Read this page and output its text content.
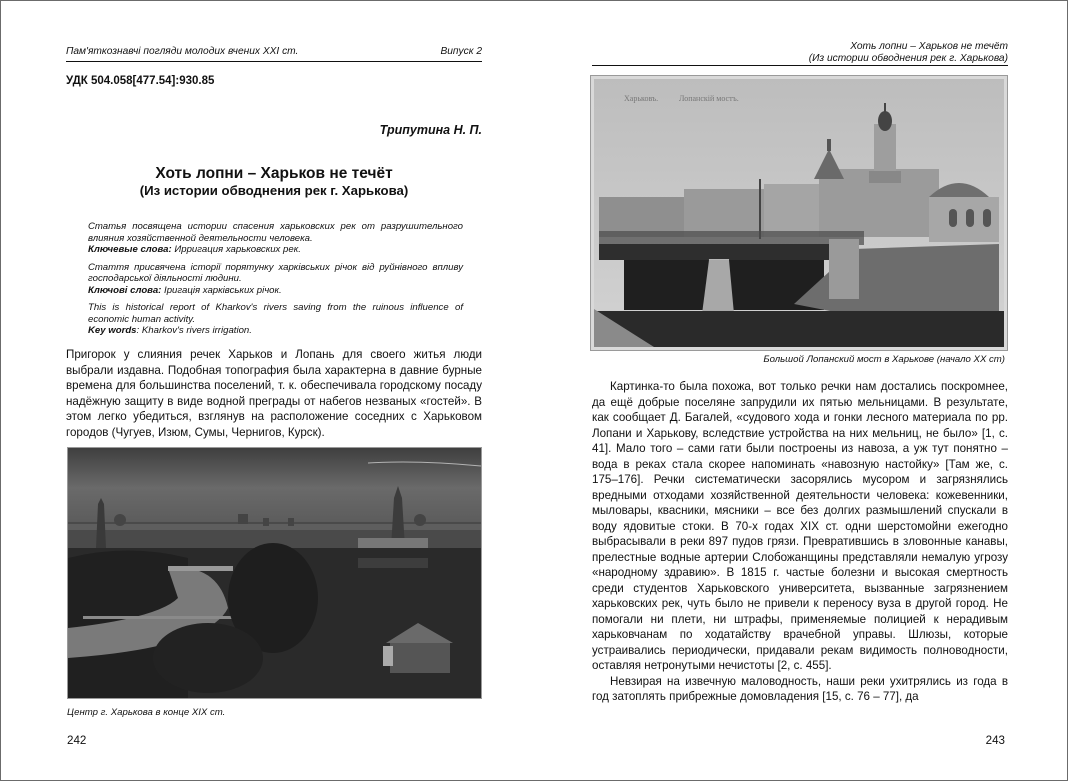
Пам'яткознавчі погляди молодих вчених XXI ст.	Випуск 2
УДК 504.058[477.54]:930.85
Трипутина Н. П.
Хоть лопни – Харьков не течёт
(Из истории обводнения рек г. Харькова)

Статья посвящена истории спасения харьковских рек от разрушительного влияния хозяйственной деятельности человека.

Ключевые слова: Ирригация харьковских рек.

Стаття присвячена історії порятунку харківських річок від руйнівного впливу господарської діяльності людини.

Ключові слова: Іригація харківських річок.

This is historical report of Kharkov's rivers saving from the ruinous influence of economic human activity.

Key words: Kharkov's rivers irrigation.

Пригорок у слияния речек Харьков и Лопань для своего житья люди выбрали издавна. Подобная топография была характерна в давние бурные времена для большинства поселений, т. к. обеспечивала городскому посаду надёжную защиту в виде водной преграды от набегов незваных «гостей». В этом легко убедиться, взглянув на расположение соседних с Харьковом городов (Чугуев, Изюм, Сумы, Чернигов, Курск).

Центр г. Харькова в конце XIX ст.
242
Хоть лопни – Харьков не течёт
(Из истории обводнения рек г. Харькова)
Харьковъ.	Лопанскій мостъ.
Большой Лопанский мост в Харькове (начало XX ст)

Картинка-то была похожа, вот только речки нам достались поскромнее, да ещё добрые поселяне запрудили их пятью мельницами. В результате, как сообщает Д. Багалей, «судового хода и гонки лесного материала по рр. Лопани и Харькову, вследствие устройства на них мельниц, не было» [1, с. 41]. Мало того – сами гати были построены из навоза, а уж тут понятно – вода в реках стала скорее напоминать «навозную настойку» [Там же, с. 175–176]. Речки систематически засорялись мусором и загрязнялись вредными отходами хозяйственной деятельности человека: кожевенники, мыловары, квасники, мясники – все без долгих размышлений спускали в воду ядовитые стоки. В 70-х годах XIX ст. одни шерстомойни ежегодно выбрасывали в реки 897 пудов грязи. Превратившись в зловонные канавы, прелестные водные артерии Слобожанщины представляли немалую угрозу «народному здравию». В 1815 г. частые болезни и высокая смертность среди студентов Харьковского университета, вызванные загрязнением харьковских рек, чуть было не привели к переносу вуза в другой город. Не помогали ни плети, ни штрафы, применяемые полицией к нерадивым харьковчанам по ходатайству врачебной управы. Шлюзы, которые устраивались периодически, придавали рекам видимость полноводности, оставляя нетронутыми нечистоты [2, с. 455].

Невзирая на извечную маловодность, наши реки ухитрялись из года в год затоплять прибрежные домовладения [15, с. 76 – 77], да

243
